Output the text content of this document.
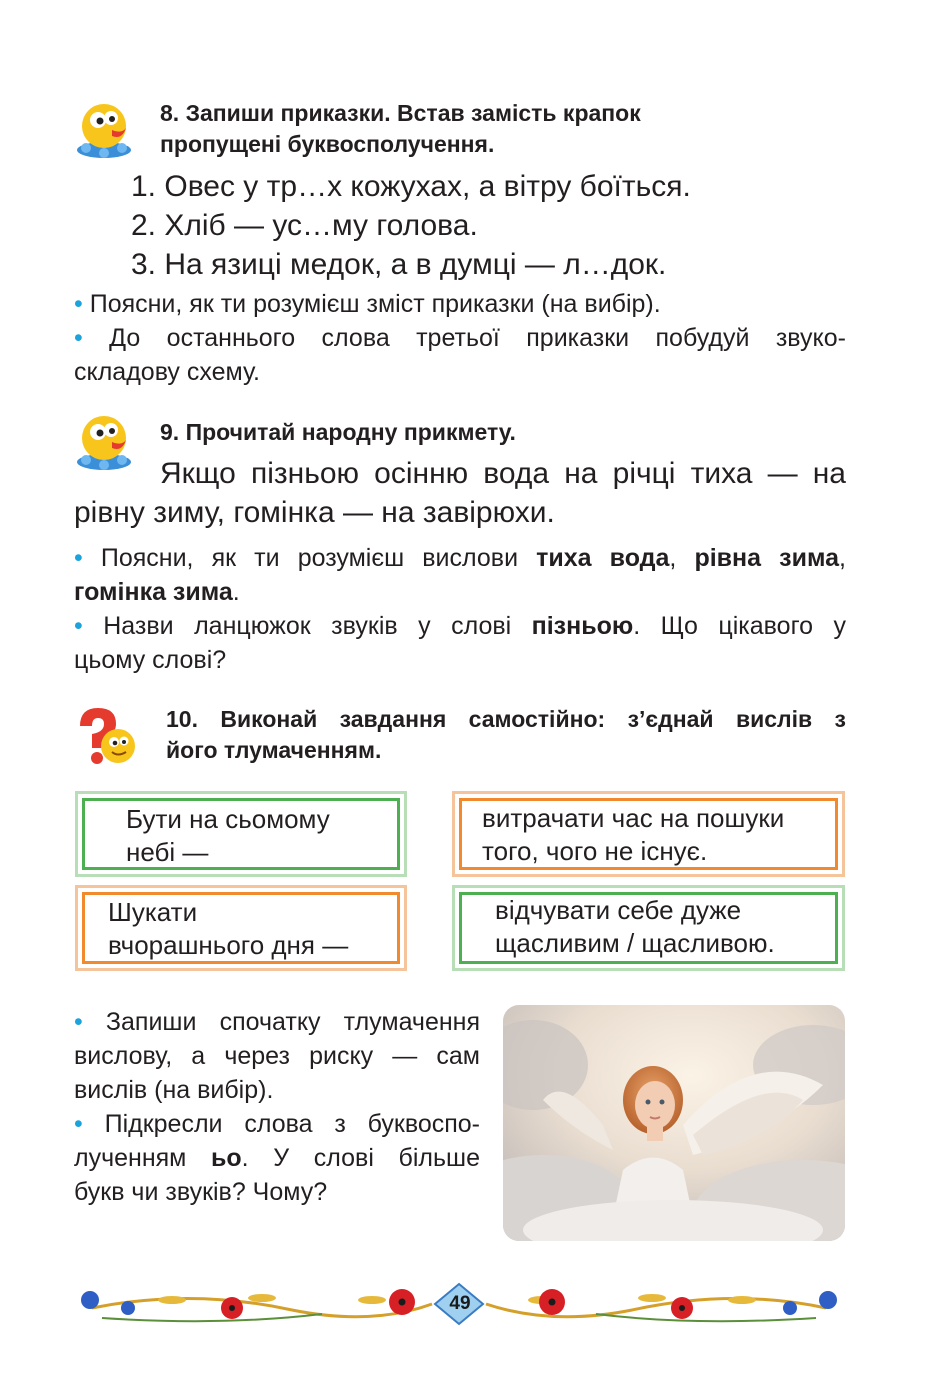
8. Запиши приказки. Встав замість крапок
пропущені буквосполучення.
1. Овес у тр…х кожухах, а вітру боїться.
2. Хліб — ус…му голова.
3. На язиці медок, а в думці — л…док.
• Поясни, як ти розумієш зміст приказки (на вибір).
• До останнього слова третьої приказки побудуй звуко-
складову схему.
9. Прочитай народну прикмету.
Якщо пізньою осінню вода на річці тиха — на
рівну зиму, гомінка — на завірюхи.
• Поясни, як ти розумієш вислови тиха вода, рівна зима,
гомінка зима.
• Назви ланцюжок звуків у слові пізньою. Що цікавого у
цьому слові?
10. Виконай завдання самостійно: з’єднай вислів з
його тлумаченням.
Бути на сьомому
небі —
витрачати час на пошуки
того, чого не існує.
Шукати
вчорашнього дня —
відчувати себе дуже
щасливим / щасливою.
• Запиши спочатку тлумачення
вислову, а через риску — сам
вислів (на вибір).
• Підкресли слова з буквоспо-
лученням ьо. У слові більше
букв чи звуків? Чому?
49
